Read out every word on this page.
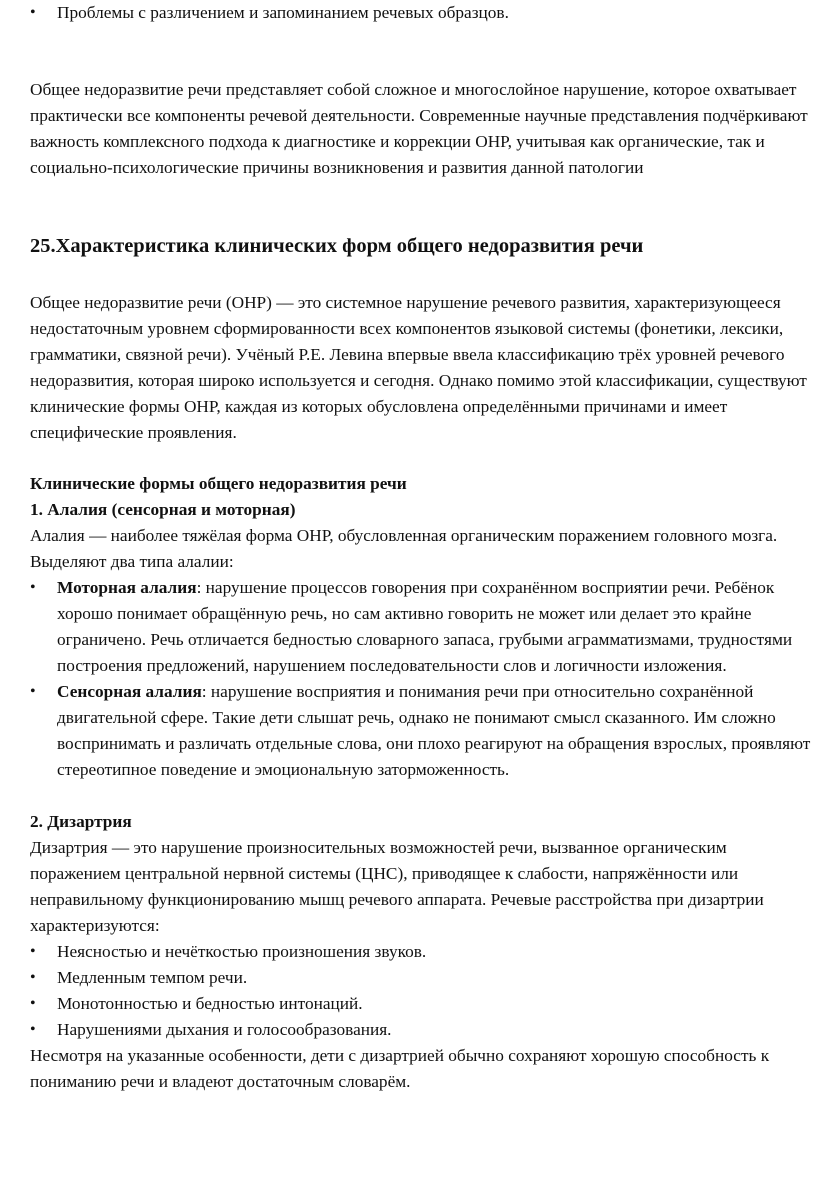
• Проблемы с различением и запоминанием речевых образцов.

Общее недоразвитие речи представляет собой сложное и многослойное нарушение, которое охватывает практически все компоненты речевой деятельности. Современные научные представления подчёркивают важность комплексного подхода к диагностике и коррекции ОНР, учитывая как органические, так и социально-психологические причины возникновения и развития данной патологии

25.Характеристика клинических форм общего недоразвития речи

Общее недоразвитие речи (ОНР) — это системное нарушение речевого развития, характеризующееся недостаточным уровнем сформированности всех компонентов языковой системы (фонетики, лексики, грамматики, связной речи). Учёный Р.Е. Левина впервые ввела классификацию трёх уровней речевого недоразвития, которая широко используется и сегодня. Однако помимо этой классификации, существуют клинические формы ОНР, каждая из которых обусловлена определёнными причинами и имеет специфические проявления.

Клинические формы общего недоразвития речи

1. Алалия (сенсорная и моторная)

Алалия — наиболее тяжёлая форма ОНР, обусловленная органическим поражением головного мозга. Выделяют два типа алалии:

• Моторная алалия: нарушение процессов говорения при сохранённом восприятии речи. Ребёнок хорошо понимает обращённую речь, но сам активно говорить не может или делает это крайне ограничено. Речь отличается бедностью словарного запаса, грубыми аграмматизмами, трудностями построения предложений, нарушением последовательности слов и логичности изложения.
• Сенсорная алалия: нарушение восприятия и понимания речи при относительно сохранённой двигательной сфере. Такие дети слышат речь, однако не понимают смысл сказанного. Им сложно воспринимать и различать отдельные слова, они плохо реагируют на обращения взрослых, проявляют стереотипное поведение и эмоциональную заторможенность.

2. Дизартрия

Дизартрия — это нарушение произносительных возможностей речи, вызванное органическим поражением центральной нервной системы (ЦНС), приводящее к слабости, напряжённости или неправильному функционированию мышц речевого аппарата. Речевые расстройства при дизартрии характеризуются:

• Неясностью и нечёткостью произношения звуков.
• Медленным темпом речи.
• Монотонностью и бедностью интонаций.
• Нарушениями дыхания и голосообразования.

Несмотря на указанные особенности, дети с дизартрией обычно сохраняют хорошую способность к пониманию речи и владеют достаточным словарём.
